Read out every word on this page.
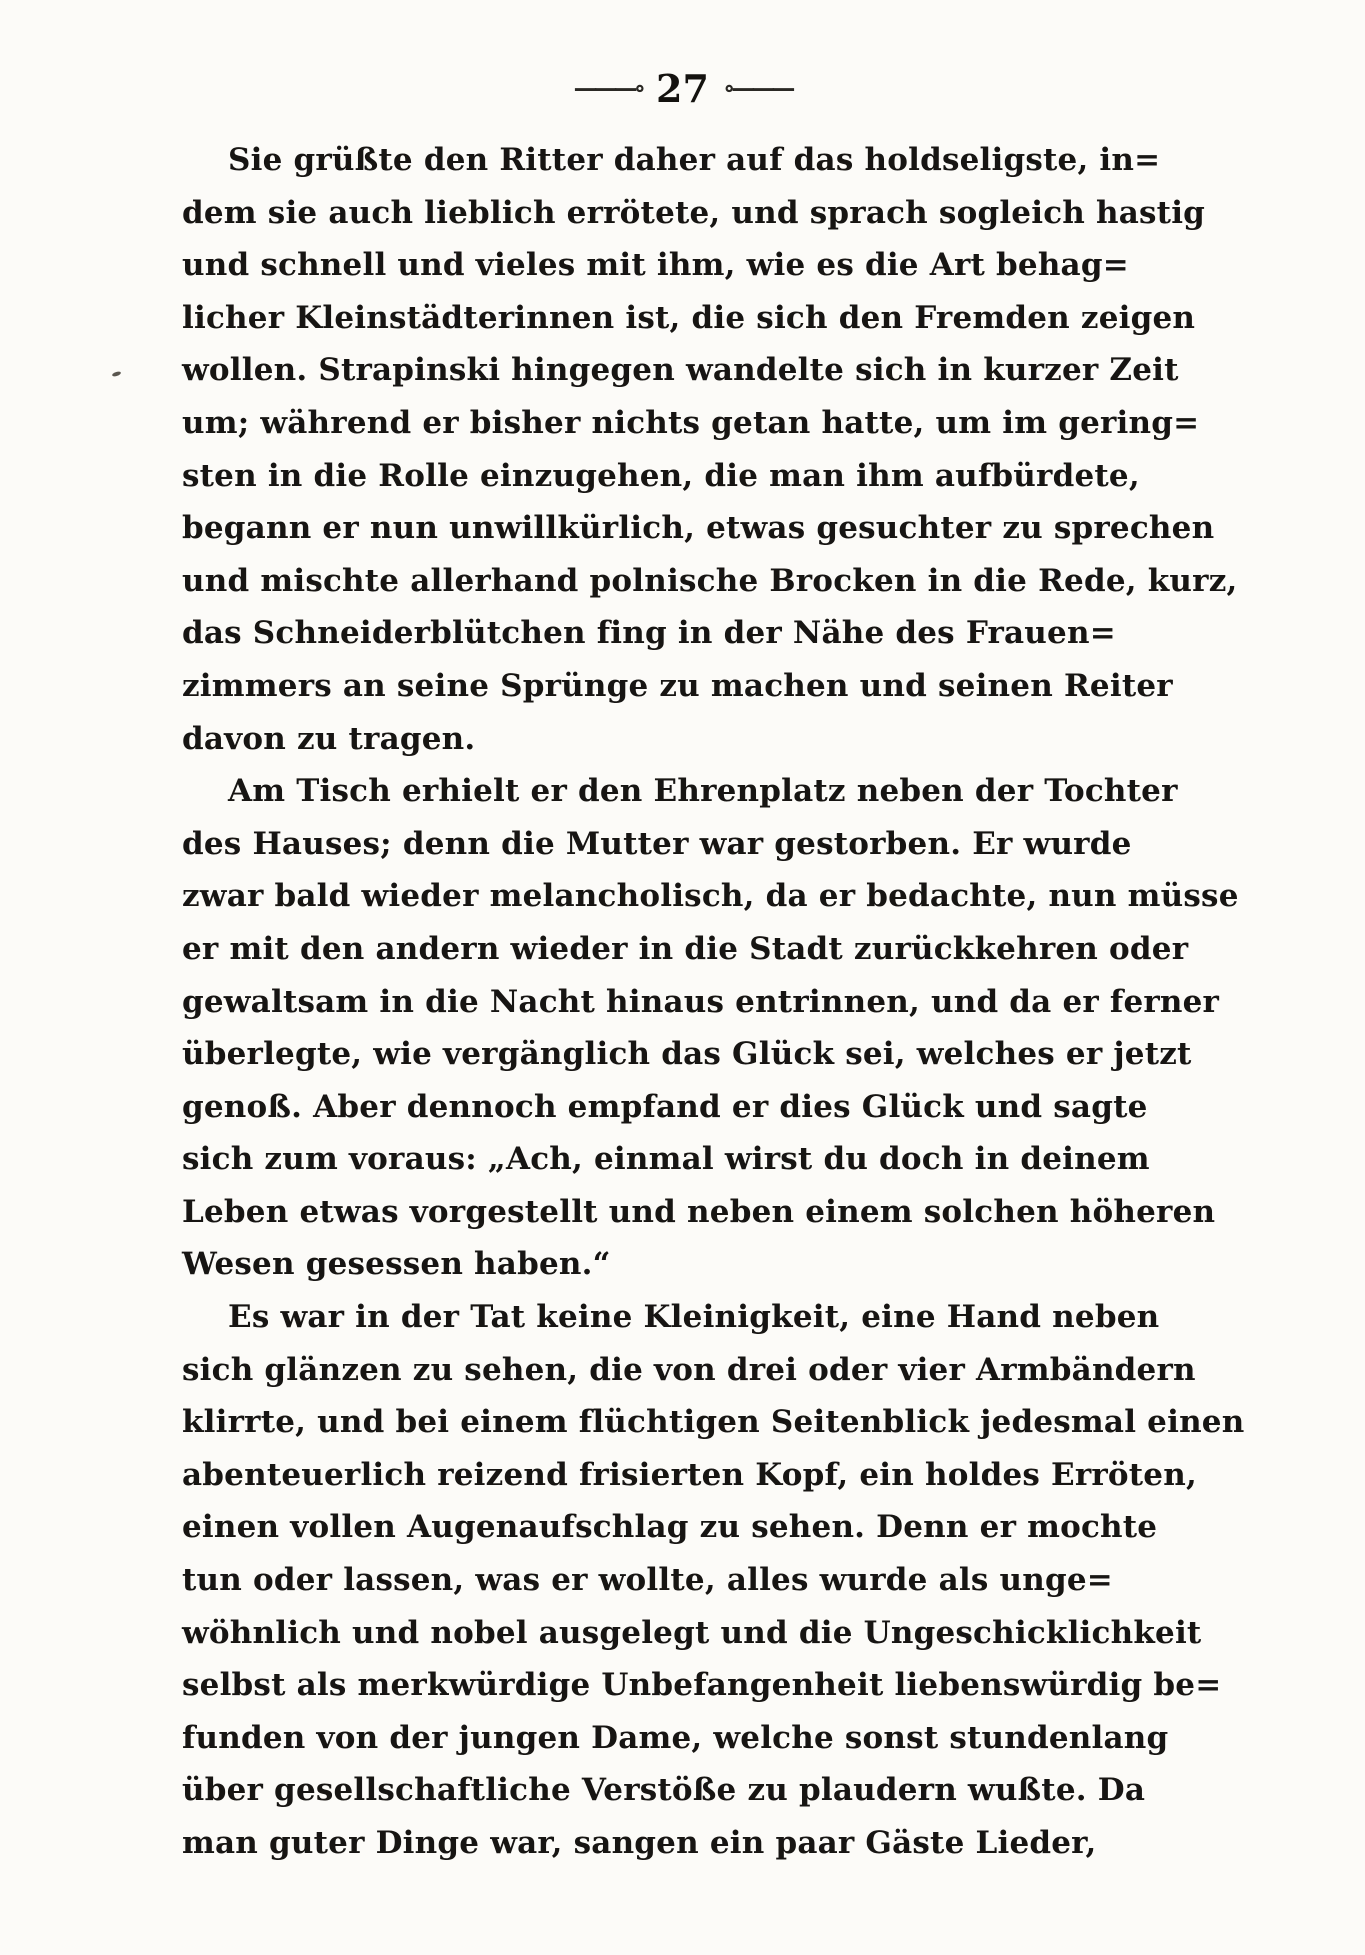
———∘ 27 ∘———
Sie grüßte den Ritter daher auf das holdseligste, in=
dem sie auch lieblich errötete, und sprach sogleich hastig
und schnell und vieles mit ihm, wie es die Art behag=
licher Kleinstädterinnen ist, die sich den Fremden zeigen
wollen. Strapinski hingegen wandelte sich in kurzer Zeit
um; während er bisher nichts getan hatte, um im gering=
sten in die Rolle einzugehen, die man ihm aufbürdete,
begann er nun unwillkürlich, etwas gesuchter zu sprechen
und mischte allerhand polnische Brocken in die Rede, kurz,
das Schneiderblütchen fing in der Nähe des Frauen=
zimmers an seine Sprünge zu machen und seinen Reiter
davon zu tragen.
Am Tisch erhielt er den Ehrenplatz neben der Tochter
des Hauses; denn die Mutter war gestorben. Er wurde
zwar bald wieder melancholisch, da er bedachte, nun müsse
er mit den andern wieder in die Stadt zurückkehren oder
gewaltsam in die Nacht hinaus entrinnen, und da er ferner
überlegte, wie vergänglich das Glück sei, welches er jetzt
genoß. Aber dennoch empfand er dies Glück und sagte
sich zum voraus: „Ach, einmal wirst du doch in deinem
Leben etwas vorgestellt und neben einem solchen höheren
Wesen gesessen haben.“
Es war in der Tat keine Kleinigkeit, eine Hand neben
sich glänzen zu sehen, die von drei oder vier Armbändern
klirrte, und bei einem flüchtigen Seitenblick jedesmal einen
abenteuerlich reizend frisierten Kopf, ein holdes Erröten,
einen vollen Augenaufschlag zu sehen. Denn er mochte
tun oder lassen, was er wollte, alles wurde als unge=
wöhnlich und nobel ausgelegt und die Ungeschicklichkeit
selbst als merkwürdige Unbefangenheit liebenswürdig be=
funden von der jungen Dame, welche sonst stundenlang
über gesellschaftliche Verstöße zu plaudern wußte. Da
man guter Dinge war, sangen ein paar Gäste Lieder,
